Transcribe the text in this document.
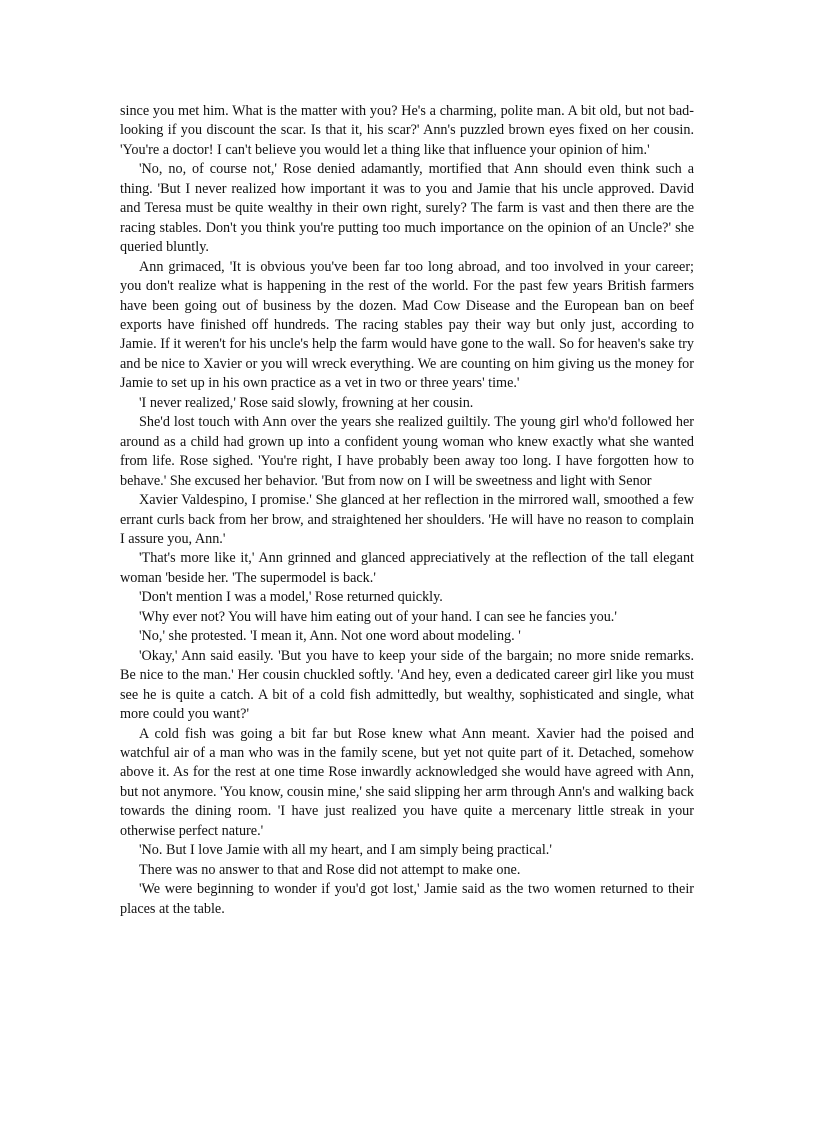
since you met him. What is the matter with you? He's a charming, polite man. A bit old, but not bad-looking if you discount the scar. Is that it, his scar?' Ann's puzzled brown eyes fixed on her cousin. 'You're a doctor! I can't believe you would let a thing like that influence your opinion of him.'

'No, no, of course not,' Rose denied adamantly, mortified that Ann should even think such a thing. 'But I never realized how important it was to you and Jamie that his uncle approved. David and Teresa must be quite wealthy in their own right, surely? The farm is vast and then there are the racing stables. Don't you think you're putting too much importance on the opinion of an Uncle?' she queried bluntly.

Ann grimaced, 'It is obvious you've been far too long abroad, and too involved in your career; you don't realize what is happening in the rest of the world. For the past few years British farmers have been going out of business by the dozen. Mad Cow Disease and the European ban on beef exports have finished off hundreds. The racing stables pay their way but only just, according to Jamie. If it weren't for his uncle's help the farm would have gone to the wall. So for heaven's sake try and be nice to Xavier or you will wreck everything. We are counting on him giving us the money for Jamie to set up in his own practice as a vet in two or three years' time.'

'I never realized,' Rose said slowly, frowning at her cousin.

She'd lost touch with Ann over the years she realized guiltily. The young girl who'd followed her around as a child had grown up into a confident young woman who knew exactly what she wanted from life. Rose sighed. 'You're right, I have probably been away too long. I have forgotten how to behave.' She excused her behavior. 'But from now on I will be sweetness and light with Senor

Xavier Valdespino, I promise.' She glanced at her reflection in the mirrored wall, smoothed a few errant curls back from her brow, and straightened her shoulders. 'He will have no reason to complain I assure you, Ann.'

'That's more like it,' Ann grinned and glanced appreciatively at the reflection of the tall elegant woman 'beside her. 'The supermodel is back.'

'Don't mention I was a model,' Rose returned quickly.

'Why ever not? You will have him eating out of your hand. I can see he fancies you.'

'No,' she protested. 'I mean it, Ann. Not one word about modeling. '

'Okay,' Ann said easily. 'But you have to keep your side of the bargain; no more snide remarks. Be nice to the man.' Her cousin chuckled softly. 'And hey, even a dedicated career girl like you must see he is quite a catch. A bit of a cold fish admittedly, but wealthy, sophisticated and single, what more could you want?'

A cold fish was going a bit far but Rose knew what Ann meant. Xavier had the poised and watchful air of a man who was in the family scene, but yet not quite part of it. Detached, somehow above it. As for the rest at one time Rose inwardly acknowledged she would have agreed with Ann, but not anymore. 'You know, cousin mine,' she said slipping her arm through Ann's and walking back towards the dining room. 'I have just realized you have quite a mercenary little streak in your otherwise perfect nature.'

'No. But I love Jamie with all my heart, and I am simply being practical.'

There was no answer to that and Rose did not attempt to make one.

'We were beginning to wonder if you'd got lost,' Jamie said as the two women returned to their places at the table.
